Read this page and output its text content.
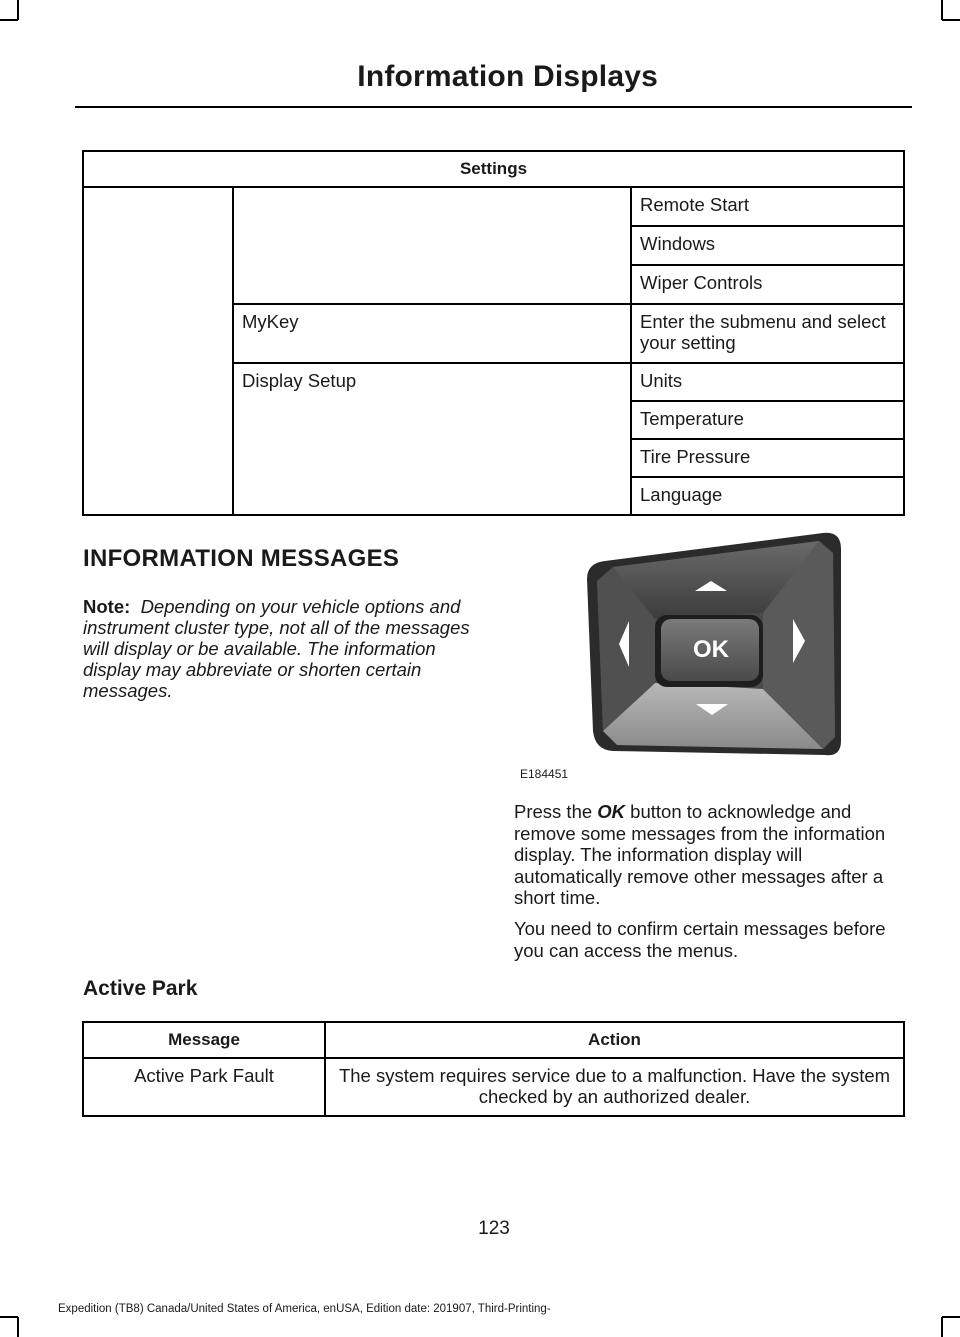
Information Displays
Settings		
		Remote Start
		Windows
		Wiper Controls
	MyKey	Enter the submenu and select your setting
	Display Setup	Units
		Temperature
		Tire Pressure
		Language
INFORMATION MESSAGES
Note: Depending on your vehicle options and instrument cluster type, not all of the messages will display or be available. The information display may abbreviate or shorten certain messages.
OK
E184451
Press the OK button to acknowledge and remove some messages from the information display. The information display will automatically remove other messages after a short time.
You need to confirm certain messages before you can access the menus.
Active Park
Message	Action
Active Park Fault	The system requires service due to a malfunction. Have the system checked by an authorized dealer.
123
Expedition (TB8) Canada/United States of America, enUSA, Edition date: 201907, Third-Printing-
